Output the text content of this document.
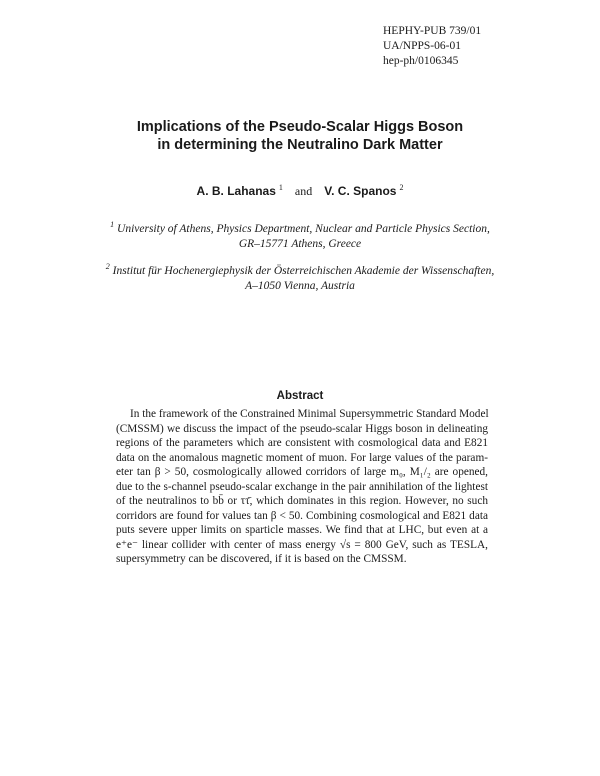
HEPHY-PUB 739/01
UA/NPPS-06-01
hep-ph/0106345
Implications of the Pseudo-Scalar Higgs Boson
in determining the Neutralino Dark Matter
A. B. Lahanas $^1$ and V. C. Spanos $^2$
$^1$ University of Athens, Physics Department, Nuclear and Particle Physics Section,
GR–15771 Athens, Greece
$^2$ Institut für Hochenergiephysik der Österreichischen Akademie der Wissenschaften,
A–1050 Vienna, Austria
Abstract
In the framework of the Constrained Minimal Supersymmetric Standard Model
(CMSSM) we discuss the impact of the pseudo-scalar Higgs boson in delineating
regions of the parameters which are consistent with cosmological data and E821
data on the anomalous magnetic moment of muon. For large values of the param-
eter tan β > 50, cosmologically allowed corridors of large m₀, M₁/₂ are opened,
due to the s-channel pseudo-scalar exchange in the pair annihilation of the lightest
of the neutralinos to bb̄ or ττ̄, which dominates in this region. However, no such
corridors are found for values tan β < 50. Combining cosmological and E821 data
puts severe upper limits on sparticle masses. We find that at LHC, but even at a
e⁺e⁻ linear collider with center of mass energy √s = 800 GeV, such as TESLA,
supersymmetry can be discovered, if it is based on the CMSSM.
